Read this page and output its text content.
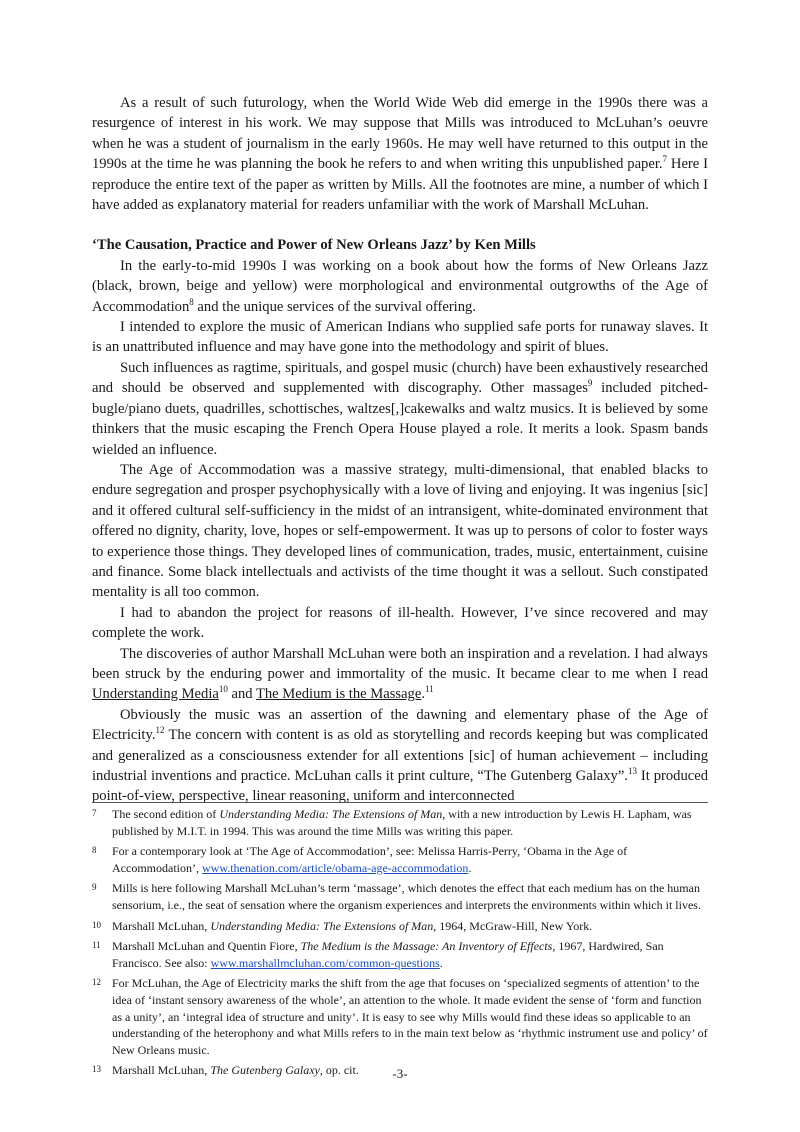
As a result of such futurology, when the World Wide Web did emerge in the 1990s there was a resurgence of interest in his work. We may suppose that Mills was introduced to McLuhan’s oeuvre when he was a student of journalism in the early 1960s. He may well have returned to this output in the 1990s at the time he was planning the book he refers to and when writing this unpublished paper.$^7$ Here I reproduce the entire text of the paper as written by Mills. All the footnotes are mine, a number of which I have added as explanatory material for readers unfamiliar with the work of Marshall McLuhan.

‘The Causation, Practice and Power of New Orleans Jazz’ by Ken Mills

In the early-to-mid 1990s I was working on a book about how the forms of New Orleans Jazz (black, brown, beige and yellow) were morphological and environmental outgrowths of the Age of Accommodation$^8$ and the unique services of the survival offering.

I intended to explore the music of American Indians who supplied safe ports for runaway slaves. It is an unattributed influence and may have gone into the methodology and spirit of blues.

Such influences as ragtime, spirituals, and gospel music (church) have been exhaustively researched and should be observed and supplemented with discography. Other massages$^9$ included pitched-bugle/piano duets, quadrilles, schottisches, waltzes[,]cakewalks and waltz musics. It is believed by some thinkers that the music escaping the French Opera House played a role. It merits a look. Spasm bands wielded an influence.

The Age of Accommodation was a massive strategy, multi-dimensional, that enabled blacks to endure segregation and prosper psychophysically with a love of living and enjoying. It was ingenius [sic] and it offered cultural self-sufficiency in the midst of an intransigent, white-dominated environment that offered no dignity, charity, love, hopes or self-empowerment. It was up to persons of color to foster ways to experience those things. They developed lines of communication, trades, music, entertainment, cuisine and finance. Some black intellectuals and activists of the time thought it was a sellout. Such constipated mentality is all too common.

I had to abandon the project for reasons of ill-health. However, I’ve since recovered and may complete the work.

The discoveries of author Marshall McLuhan were both an inspiration and a revelation. I had always been struck by the enduring power and immortality of the music. It became clear to me when I read Understanding Media$^{10}$ and The Medium is the Massage.$^{11}$

Obviously the music was an assertion of the dawning and elementary phase of the Age of Electricity.$^{12}$ The concern with content is as old as storytelling and records keeping but was complicated and generalized as a consciousness extender for all extentions [sic] of human achievement – including industrial inventions and practice. McLuhan calls it print culture, “The Gutenberg Galaxy”.$^{13}$ It produced point-of-view, perspective, linear reasoning, uniform and interconnected

7	The second edition of Understanding Media: The Extensions of Man, with a new introduction by Lewis H. Lapham, was published by M.I.T. in 1994. This was around the time Mills was writing this paper.
8	For a contemporary look at ‘The Age of Accommodation’, see: Melissa Harris-Perry, ‘Obama in the Age of Accommodation’, www.thenation.com/article/obama-age-accommodation.
9	Mills is here following Marshall McLuhan’s term ‘massage’, which denotes the effect that each medium has on the human sensorium, i.e., the seat of sensation where the organism experiences and interprets the environments within which it lives.
10 Marshall McLuhan, Understanding Media: The Extensions of Man, 1964, McGraw-Hill, New York.
11 Marshall McLuhan and Quentin Fiore, The Medium is the Massage: An Inventory of Effects, 1967, Hardwired, San Francisco. See also: www.marshallmcluhan.com/common-questions.
12 For McLuhan, the Age of Electricity marks the shift from the age that focuses on ‘specialized segments of attention’ to the idea of ‘instant sensory awareness of the whole’, an attention to the whole. It made evident the sense of ‘form and function as a unity’, an ‘integral idea of structure and unity’. It is easy to see why Mills would find these ideas so applicable to an understanding of the heterophony and what Mills refers to in the main text below as ‘rhythmic instrument use and policy’ of New Orleans music.
13 Marshall McLuhan, The Gutenberg Galaxy, op. cit.	-3-
